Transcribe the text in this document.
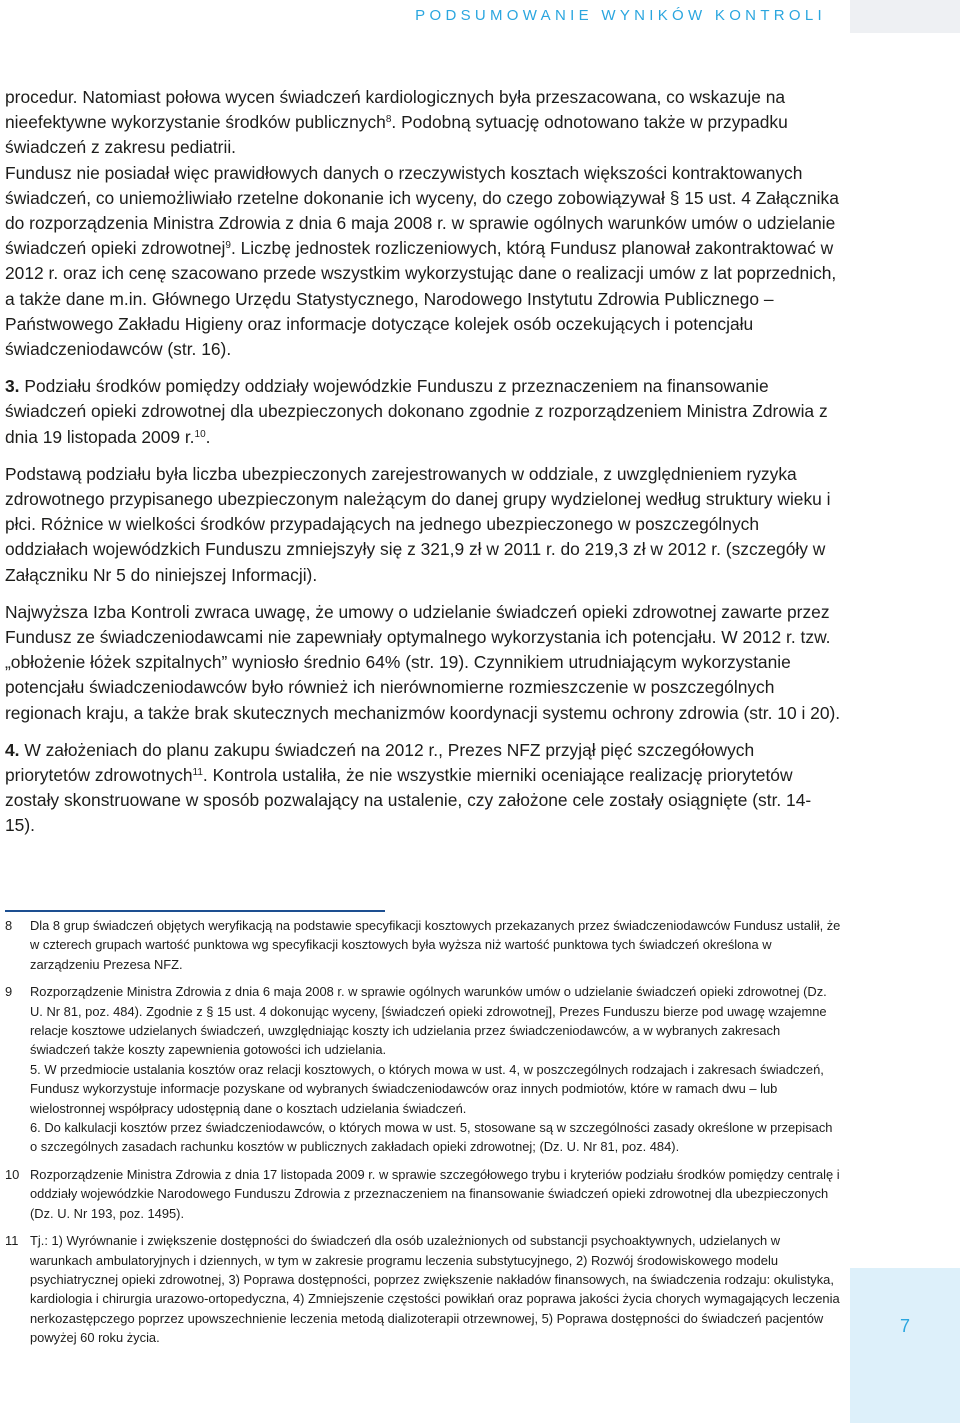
PODSUMOWANIE WYNIKÓW KONTROLI

procedur. Natomiast połowa wycen świadczeń kardiologicznych była przeszacowana, co wskazuje na nieefektywne wykorzystanie środków publicznych$^8$. Podobną sytuację odnotowano także w przypadku świadczeń z zakresu pediatrii.

Fundusz nie posiadał więc prawidłowych danych o rzeczywistych kosztach większości kontraktowanych świadczeń, co uniemożliwiało rzetelne dokonanie ich wyceny, do czego zobowiązywał § 15 ust. 4 Załącznika do rozporządzenia Ministra Zdrowia z dnia 6 maja 2008 r. w sprawie ogólnych warunków umów o udzielanie świadczeń opieki zdrowotnej$^9$. Liczbę jednostek rozliczeniowych, którą Fundusz planował zakontraktować w 2012 r. oraz ich cenę szacowano przede wszystkim wykorzystując dane o realizacji umów z lat poprzednich, a także dane m.in. Głównego Urzędu Statystycznego, Narodowego Instytutu Zdrowia Publicznego – Państwowego Zakładu Higieny oraz informacje dotyczące kolejek osób oczekujących i potencjału świadczeniodawców (str. 16).

3. Podziału środków pomiędzy oddziały wojewódzkie Funduszu z przeznaczeniem na finansowanie świadczeń opieki zdrowotnej dla ubezpieczonych dokonano zgodnie z rozporządzeniem Ministra Zdrowia z dnia 19 listopada 2009 r.$^{10}$.

Podstawą podziału była liczba ubezpieczonych zarejestrowanych w oddziale, z uwzględnieniem ryzyka zdrowotnego przypisanego ubezpieczonym należącym do danej grupy wydzielonej według struktury wieku i płci. Różnice w wielkości środków przypadających na jednego ubezpieczonego w poszczególnych oddziałach wojewódzkich Funduszu zmniejszyły się z 321,9 zł w 2011 r. do 219,3 zł w 2012 r. (szczegóły w Załączniku Nr 5 do niniejszej Informacji).

Najwyższa Izba Kontroli zwraca uwagę, że umowy o udzielanie świadczeń opieki zdrowotnej zawarte przez Fundusz ze świadczeniodawcami nie zapewniały optymalnego wykorzystania ich potencjału. W 2012 r. tzw. „obłożenie łóżek szpitalnych” wyniosło średnio 64% (str. 19). Czynnikiem utrudniającym wykorzystanie potencjału świadczeniodawców było również ich nierównomierne rozmieszczenie w poszczególnych regionach kraju, a także brak skutecznych mechanizmów koordynacji systemu ochrony zdrowia (str. 10 i 20).

4. W założeniach do planu zakupu świadczeń na 2012 r., Prezes NFZ przyjął pięć szczegółowych priorytetów zdrowotnych$^{11}$. Kontrola ustaliła, że nie wszystkie mierniki oceniające realizację priorytetów zostały skonstruowane w sposób pozwalający na ustalenie, czy założone cele zostały osiągnięte (str. 14-15).

8 Dla 8 grup świadczeń objętych weryfikacją na podstawie specyfikacji kosztowych przekazanych przez świadczeniodawców Fundusz ustalił, że w czterech grupach wartość punktowa wg specyfikacji kosztowych była wyższa niż wartość punktowa tych świadczeń określona w zarządzeniu Prezesa NFZ.

9 Rozporządzenie Ministra Zdrowia z dnia 6 maja 2008 r. w sprawie ogólnych warunków umów o udzielanie świadczeń opieki zdrowotnej (Dz. U. Nr 81, poz. 484). Zgodnie z § 15 ust. 4 dokonując wyceny, [świadczeń opieki zdrowotnej], Prezes Funduszu bierze pod uwagę wzajemne relacje kosztowe udzielanych świadczeń, uwzględniając koszty ich udzielania przez świadczeniodawców, a w wybranych zakresach świadczeń także koszty zapewnienia gotowości ich udzielania.

5. W przedmiocie ustalania kosztów oraz relacji kosztowych, o których mowa w ust. 4, w poszczególnych rodzajach i zakresach świadczeń, Fundusz wykorzystuje informacje pozyskane od wybranych świadczeniodawców oraz innych podmiotów, które w ramach dwu – lub wielostronnej współpracy udostępnią dane o kosztach udzielania świadczeń.

6. Do kalkulacji kosztów przez świadczeniodawców, o których mowa w ust. 5, stosowane są w szczególności zasady określone w przepisach o szczególnych zasadach rachunku kosztów w publicznych zakładach opieki zdrowotnej; (Dz. U. Nr 81, poz. 484).

10 Rozporządzenie Ministra Zdrowia z dnia 17 listopada 2009 r. w sprawie szczegółowego trybu i kryteriów podziału środków pomiędzy centralę i oddziały wojewódzkie Narodowego Funduszu Zdrowia z przeznaczeniem na finansowanie świadczeń opieki zdrowotnej dla ubezpieczonych (Dz. U. Nr 193, poz. 1495).

11 Tj.: 1) Wyrównanie i zwiększenie dostępności do świadczeń dla osób uzależnionych od substancji psychoaktywnych, udzielanych w warunkach ambulatoryjnych i dziennych, w tym w zakresie programu leczenia substytucyjnego, 2) Rozwój środowiskowego modelu psychiatrycznej opieki zdrowotnej, 3) Poprawa dostępności, poprzez zwiększenie nakładów finansowych, na świadczenia rodzaju: okulistyka, kardiologia i chirurgia urazowo-ortopedyczna, 4) Zmniejszenie częstości powikłań oraz poprawa jakości życia chorych wymagających leczenia nerkozastępczego poprzez upowszechnienie leczenia metodą dializoterapii otrzewnowej, 5) Poprawa dostępności do świadczeń pacjentów powyżej 60 roku życia.

7
